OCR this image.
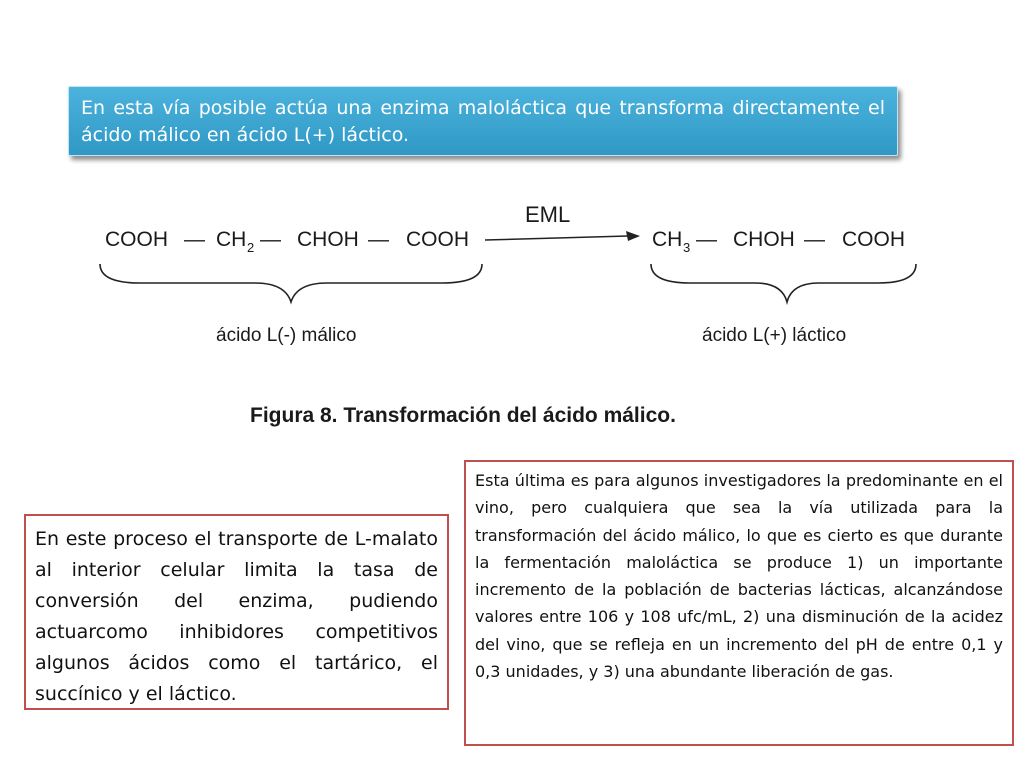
En esta vía posible actúa una enzima maloláctica que transforma directamente el ácido málico en ácido L(+) láctico.
COOH — CH 2 — CHOH — COOH
EML
CH 3 — CHOH — COOH
ácido L(-) málico	ácido L(+) láctico
Figura 8. Transformación del ácido málico.
En este proceso el transporte de L-malato al interior celular limita la tasa de conversión del enzima, pudiendo actuarcomo inhibidores competitivos algunos ácidos como el tartárico, el succínico y el láctico.
Esta última es para algunos investigadores la predominante en el vino, pero cualquiera que sea la vía utilizada para la transformación del ácido málico, lo que es cierto es que durante la fermentación maloláctica se produce 1) un importante incremento de la población de bacterias lácticas, alcanzándose valores entre 106 y 108 ufc/mL, 2) una disminución de la acidez del vino, que se refleja en un incremento del pH de entre 0,1 y 0,3 unidades, y 3) una abundante liberación de gas.
